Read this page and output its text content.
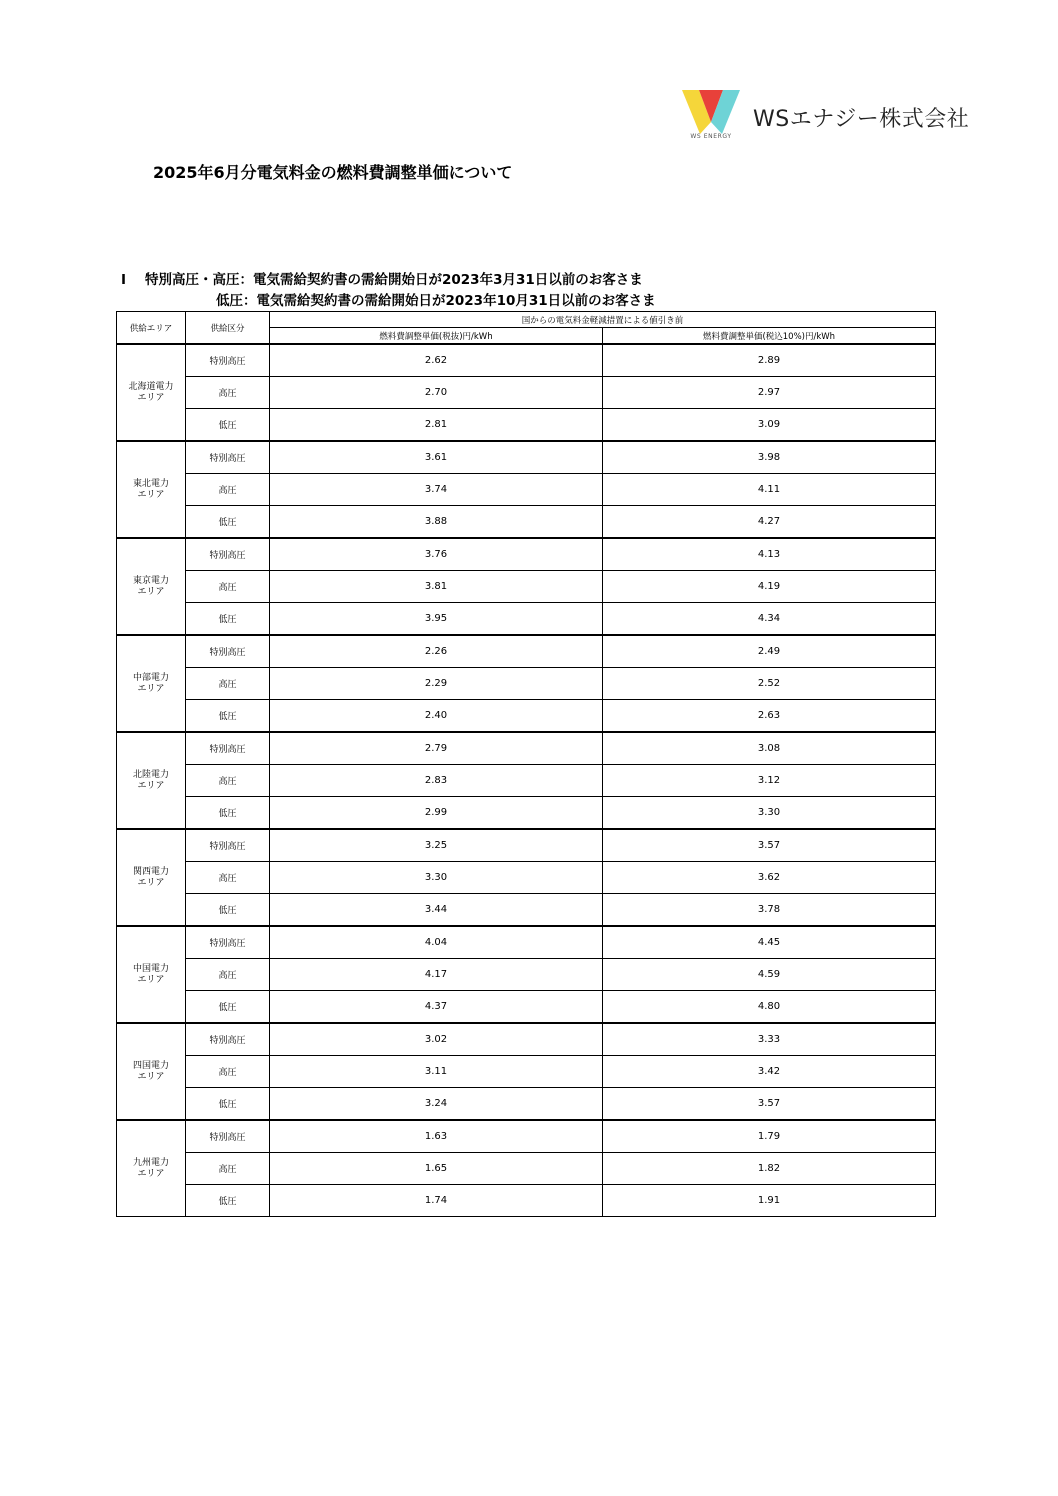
WS ENERGY
WSエナジー株式会社
2025年6月分電気料金の燃料費調整単価について
Ⅰ 特別高圧・高圧：電気需給契約書の需給開始日が2023年3月31日以前のお客さま
低圧：電気需給契約書の需給開始日が2023年10月31日以前のお客さま
供給エリア	供給区分	国からの電気料金軽減措置による値引き前	
		燃料費調整単価(税抜)円/kWh	燃料費調整単価(税込10%)円/kWh
北海道電力
エリア	特別高圧	2.62	2.89
	高圧	2.70	2.97
	低圧	2.81	3.09
東北電力
エリア	特別高圧	3.61	3.98
	高圧	3.74	4.11
	低圧	3.88	4.27
東京電力
エリア	特別高圧	3.76	4.13
	高圧	3.81	4.19
	低圧	3.95	4.34
中部電力
エリア	特別高圧	2.26	2.49
	高圧	2.29	2.52
	低圧	2.40	2.63
北陸電力
エリア	特別高圧	2.79	3.08
	高圧	2.83	3.12
	低圧	2.99	3.30
関西電力
エリア	特別高圧	3.25	3.57
	高圧	3.30	3.62
	低圧	3.44	3.78
中国電力
エリア	特別高圧	4.04	4.45
	高圧	4.17	4.59
	低圧	4.37	4.80
四国電力
エリア	特別高圧	3.02	3.33
	高圧	3.11	3.42
	低圧	3.24	3.57
九州電力
エリア	特別高圧	1.63	1.79
	高圧	1.65	1.82
	低圧	1.74	1.91
